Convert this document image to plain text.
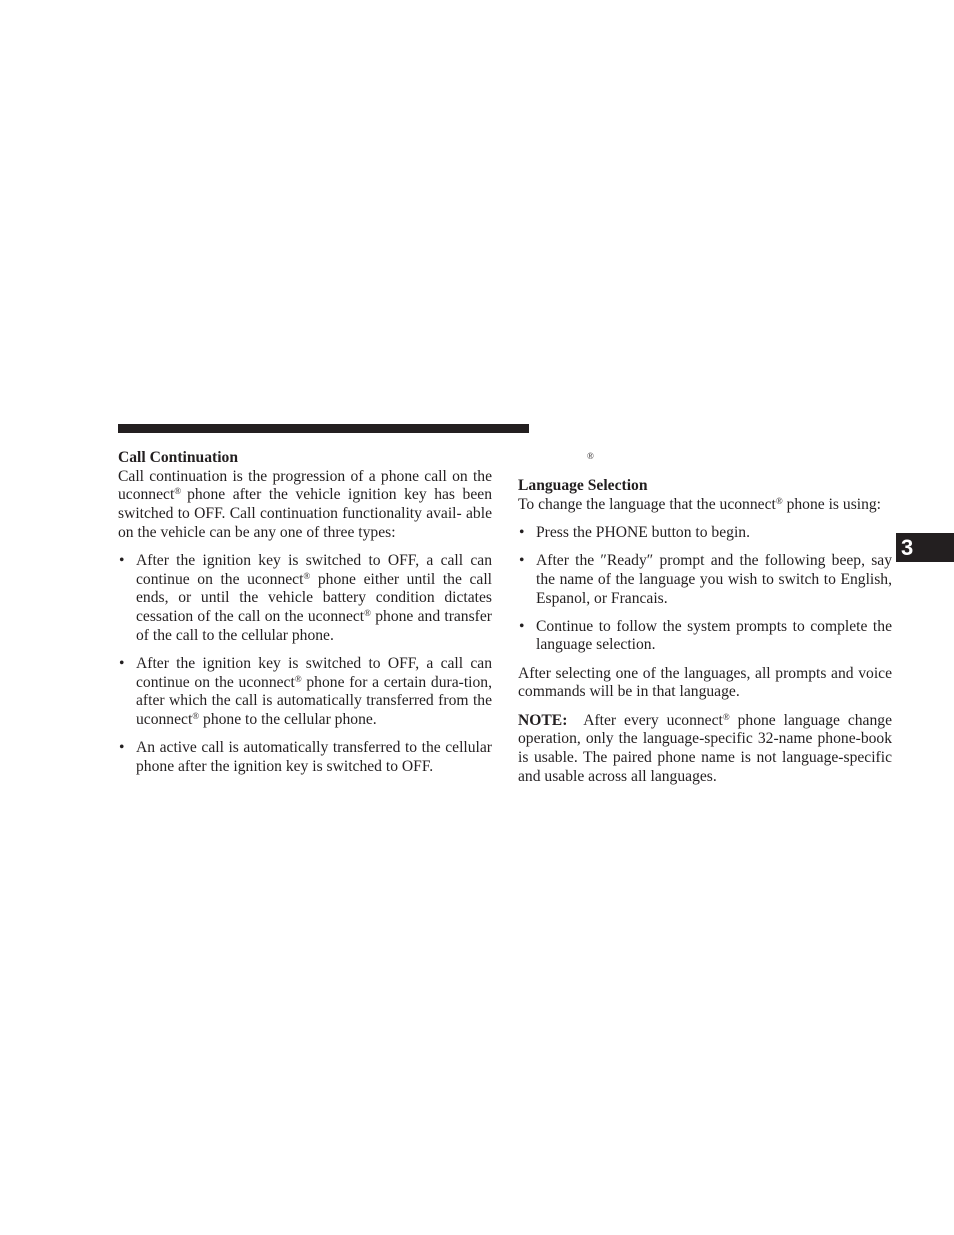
®

Call Continuation

Call continuation is the progression of a phone call on the uconnect® phone after the vehicle ignition key has been switched to OFF. Call continuation functionality avail- able on the vehicle can be any one of three types:

• After the ignition key is switched to OFF, a call can continue on the uconnect® phone either until the call ends, or until the vehicle battery condition dictates cessation of the call on the uconnect® phone and transfer of the call to the cellular phone.
• After the ignition key is switched to OFF, a call can continue on the uconnect® phone for a certain dura-tion, after which the call is automatically transferred from the uconnect® phone to the cellular phone.
• An active call is automatically transferred to the cellular phone after the ignition key is switched to OFF.

Language Selection

To change the language that the uconnect® phone is using:

• Press the PHONE button to begin.
• After the ″Ready″ prompt and the following beep, say the name of the language you wish to switch to English, Espanol, or Francais.
• Continue to follow the system prompts to complete the language selection.

After selecting one of the languages, all prompts and voice commands will be in that language.

NOTE: After every uconnect® phone language change operation, only the language-specific 32-name phone-book is usable. The paired phone name is not language-specific and usable across all languages.

3
